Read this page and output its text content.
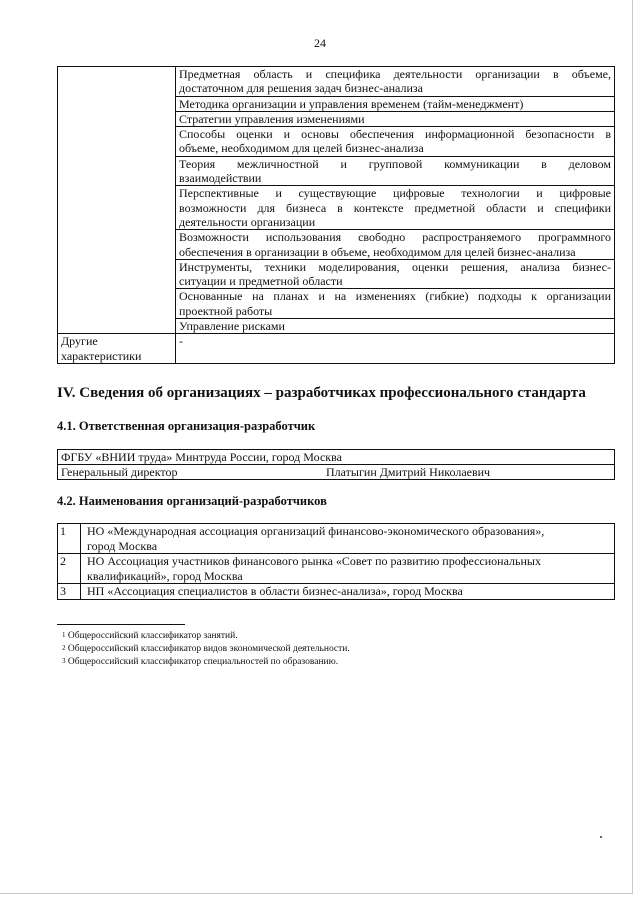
24

	Предметная область и специфика деятельности организации в объеме,
достаточном для решения задач бизнес-анализа

	Методика организации и управления временем (тайм-менеджмент)

	Стратегии управления изменениями

	Способы оценки и основы обеспечения информационной безопасности в
объеме, необходимом для целей бизнес-анализа

	Теория межличностной и групповой коммуникации в деловом
взаимодействии

	Перспективные и существующие цифровые технологии и цифровые
возможности для бизнеса в контексте предметной области и специфики
деятельности организации

	Возможности использования свободно распространяемого программного
обеспечения в организации в объеме, необходимом для целей бизнес-анализа

	Инструменты, техники моделирования, оценки решения, анализа бизнес-
ситуации и предметной области

	Основанные на планах и на изменениях (гибкие) подходы к организации
проектной работы

	Управление рисками

Другие
характеристики	-
IV. Сведения об организациях – разработчиках профессионального стандарта
4.1. Ответственная организация-разработчик
ФГБУ «ВНИИ труда» Минтруда России, город Москва
Генеральный директор	Платыгин Дмитрий Николаевич
4.2. Наименования организаций-разработчиков
1	НО «Международная ассоциация организаций финансово-экономического образования»,
город Москва

2	НО Ассоциация участников финансового рынка «Совет по развитию профессиональных
квалификаций», город Москва

3	НП «Ассоциация специалистов в области бизнес-анализа», город Москва
$^1$ Общероссийский классификатор занятий.
$^2$ Общероссийский классификатор видов экономической деятельности.
$^3$ Общероссийский классификатор специальностей по образованию.
